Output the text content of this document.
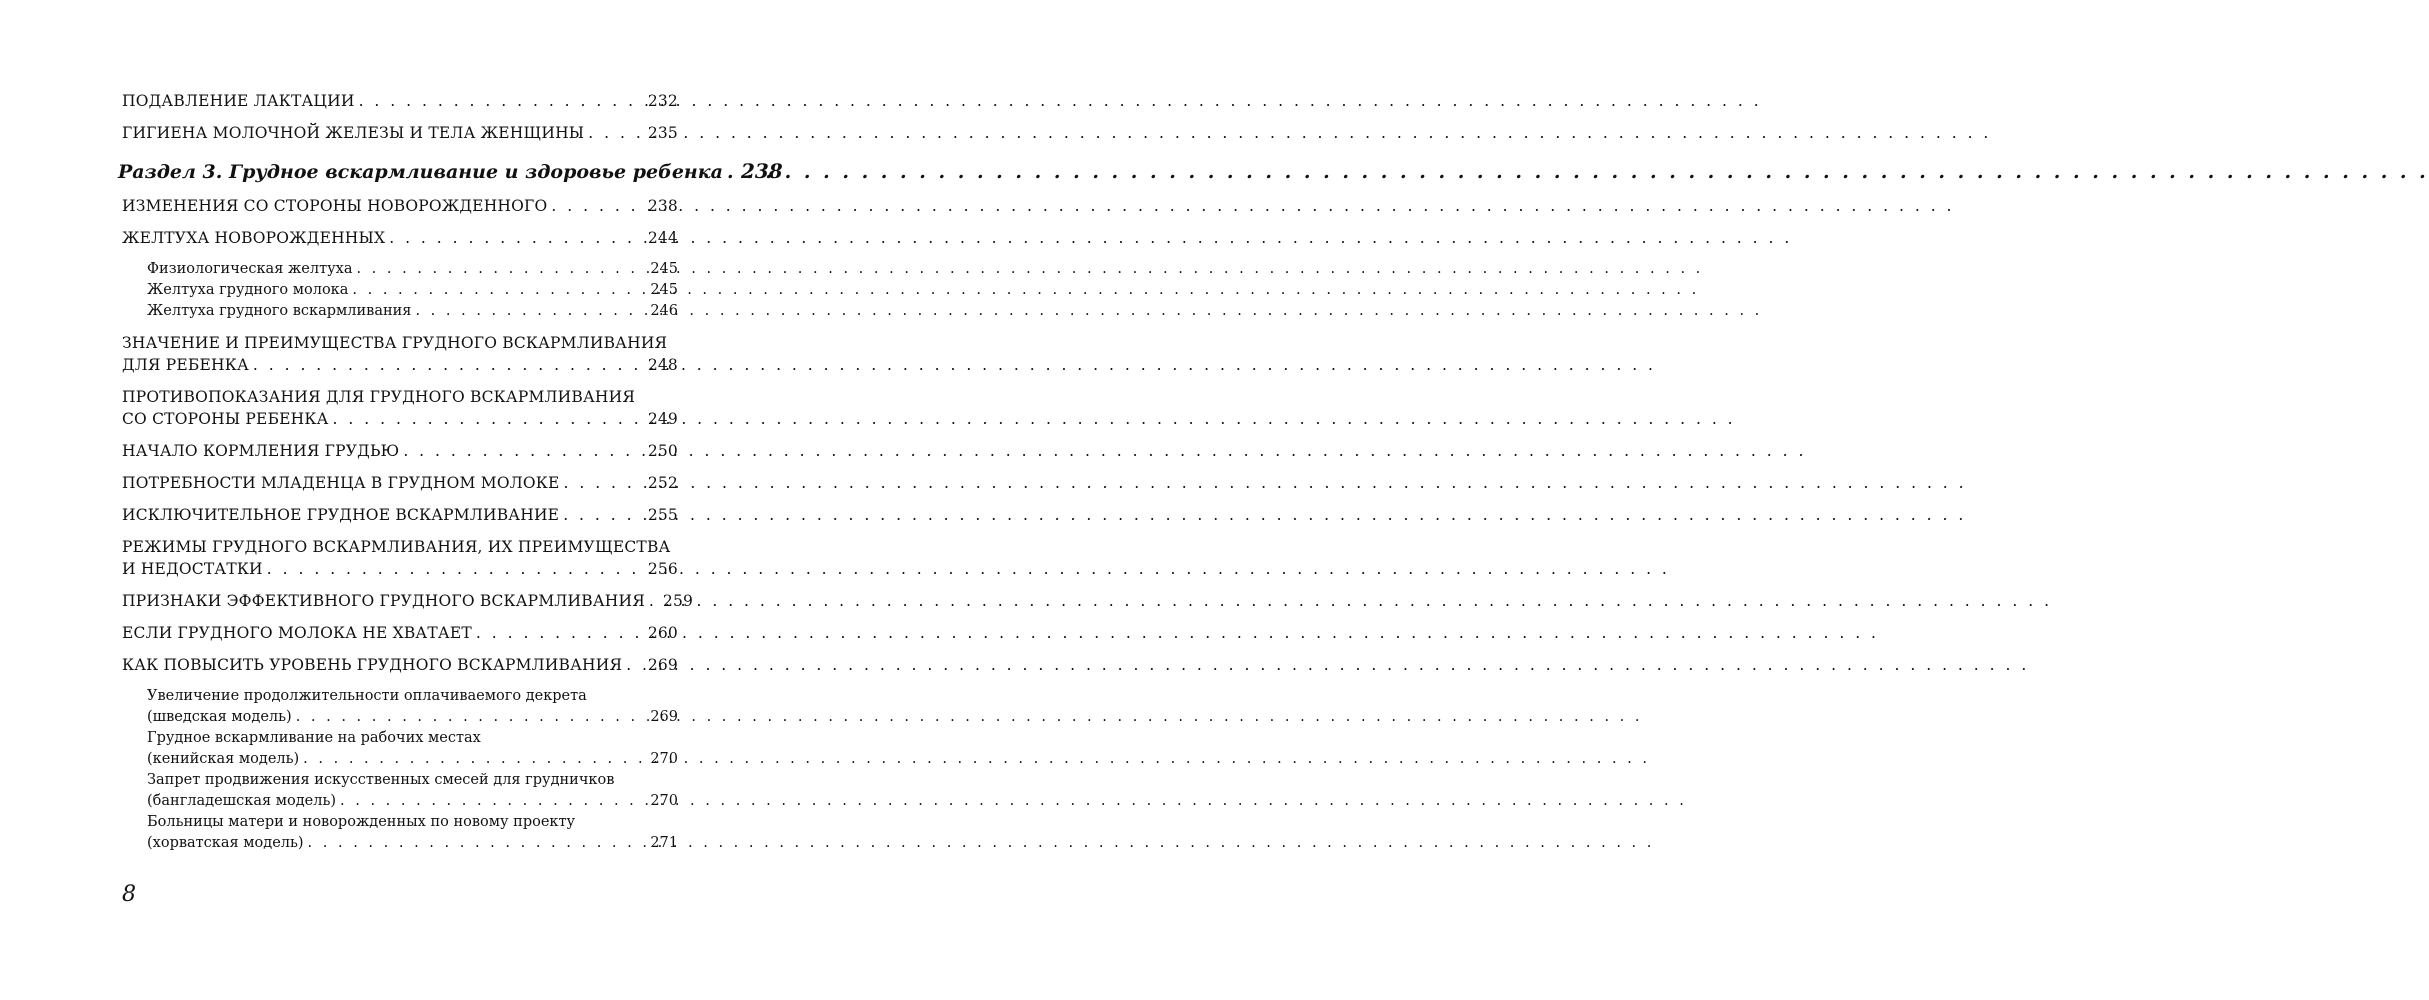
ПОДАВЛЕНИЕ ЛАКТАЦИИ . . .	232
ГИГИЕНА МОЛОЧНОЙ ЖЕЛЕЗЫ И ТЕЛА ЖЕНЩИНЫ . . .	235
Раздел 3. Грудное вскармливание и здоровье ребенка . . . 238
ИЗМЕНЕНИЯ СО СТОРОНЫ НОВОРОЖДЕННОГО . . .	238
ЖЕЛТУХА НОВОРОЖДЕННЫХ . . .	244
Физиологическая желтуха . . .	245
Желтуха грудного молока . . .	245
Желтуха грудного вскармливания . . .	246
ЗНАЧЕНИЕ И ПРЕИМУЩЕСТВА ГРУДНОГО ВСКАРМЛИВАНИЯ
ДЛЯ РЕБЕНКА . . .	248
ПРОТИВОПОКАЗАНИЯ ДЛЯ ГРУДНОГО ВСКАРМЛИВАНИЯ
СО СТОРОНЫ РЕБЕНКА . . .	249
НАЧАЛО КОРМЛЕНИЯ ГРУДЬЮ . . .	250
ПОТРЕБНОСТИ МЛАДЕНЦА В ГРУДНОМ МОЛОКЕ . . .	252
ИСКЛЮЧИТЕЛЬНОЕ ГРУДНОЕ ВСКАРМЛИВАНИЕ . . .	255
РЕЖИМЫ ГРУДНОГО ВСКАРМЛИВАНИЯ, ИХ ПРЕИМУЩЕСТВА
И НЕДОСТАТКИ . . .	256
ПРИЗНАКИ ЭФФЕКТИВНОГО ГРУДНОГО ВСКАРМЛИВАНИЯ . . . 259
ЕСЛИ ГРУДНОГО МОЛОКА НЕ ХВАТАЕТ . . .	260
КАК ПОВЫСИТЬ УРОВЕНЬ ГРУДНОГО ВСКАРМЛИВАНИЯ . . . 269
Увеличение продолжительности оплачиваемого декрета
(шведская модель) . . .	269
Грудное вскармливание на рабочих местах
(кенийская модель) . . .	270
Запрет продвижения искусственных смесей для грудничков
(бангладешская модель) . . .	270
Больницы матери и новорожденных по новому проекту
(хорватская модель) . . .	271
8
